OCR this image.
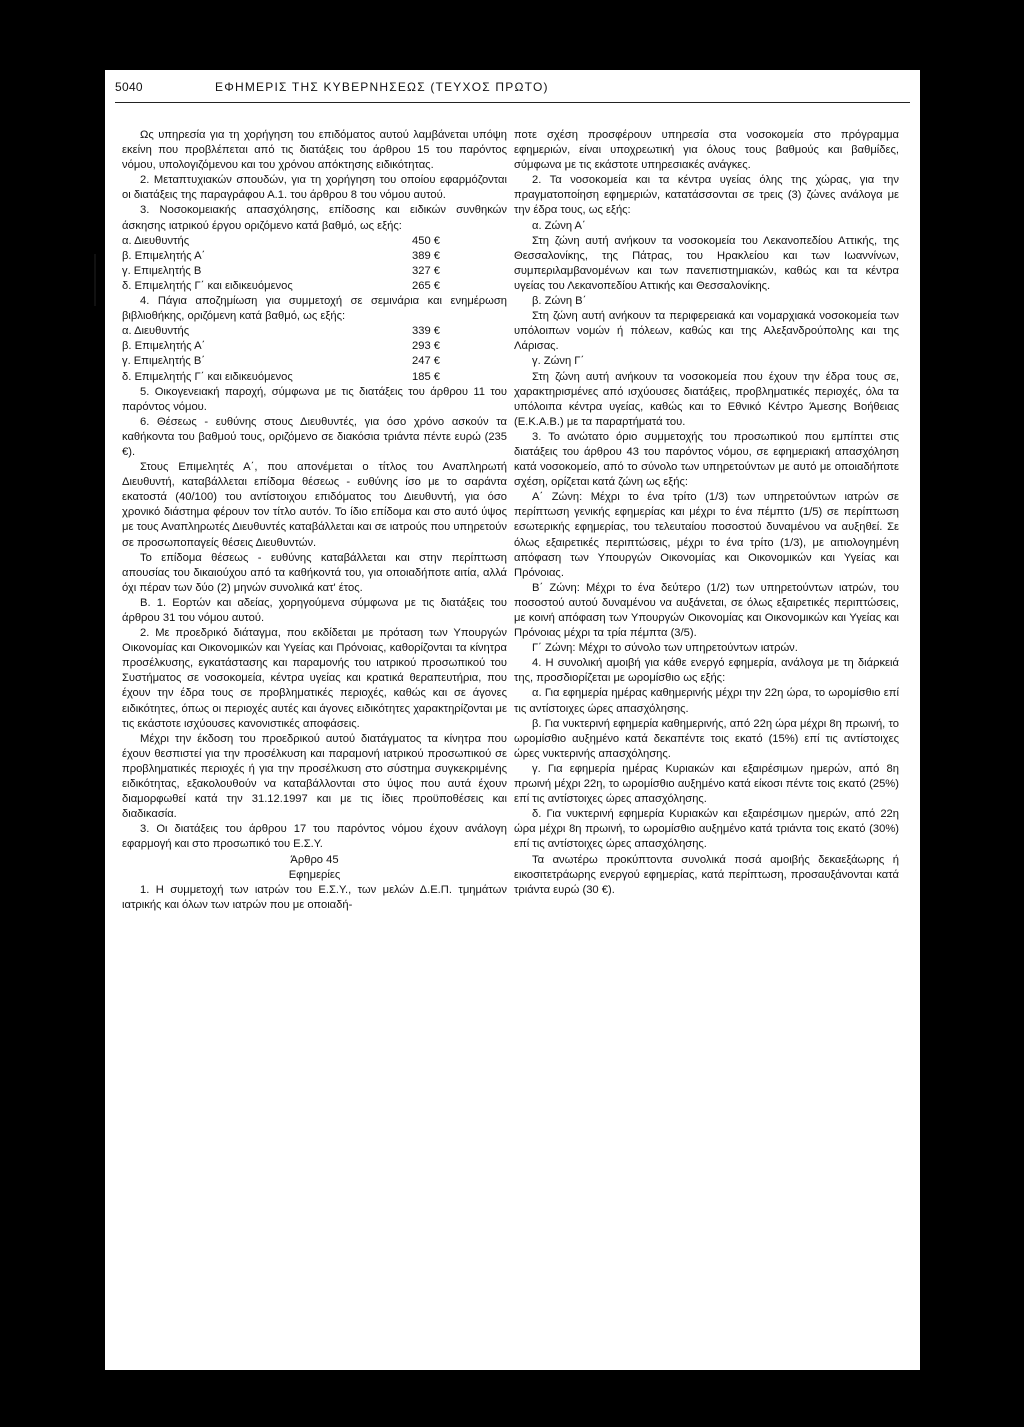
5040	ΕΦΗΜΕΡΙΣ ΤΗΣ ΚΥΒΕΡΝΗΣΕΩΣ (ΤΕΥΧΟΣ ΠΡΩΤΟ)

Ως υπηρεσία για τη χορήγηση του επιδόματος αυτού λαμβάνεται υπόψη εκείνη που προβλέπεται από τις διατάξεις του άρθρου 15 του παρόντος νόμου, υπολογιζόμενου και του χρόνου απόκτησης ειδικότητας.

2. Μεταπτυχιακών σπουδών, για τη χορήγηση του οποίου εφαρμόζονται οι διατάξεις της παραγράφου Α.1. του άρθρου 8 του νόμου αυτού.

3. Νοσοκομειακής απασχόλησης, επίδοσης και ειδικών συνθηκών άσκησης ιατρικού έργου οριζόμενο κατά βαθμό, ως εξής:

α. Διευθυντής	450 €
β. Επιμελητής Α΄	389 €
γ. Επιμελητής Β	327 €
δ. Επιμελητής Γ΄ και ειδικευόμενος	265 €

4. Πάγια αποζημίωση για συμμετοχή σε σεμινάρια και ενημέρωση βιβλιοθήκης, οριζόμενη κατά βαθμό, ως εξής:

α. Διευθυντής	339 €
β. Επιμελητής Α΄	293 €
γ. Επιμελητής Β΄	247 €
δ. Επιμελητής Γ΄ και ειδικευόμενος	185 €

5. Οικογενειακή παροχή, σύμφωνα με τις διατάξεις του άρθρου 11 του παρόντος νόμου.

6. Θέσεως - ευθύνης στους Διευθυντές, για όσο χρόνο ασκούν τα καθήκοντα του βαθμού τους, οριζόμενο σε διακόσια τριάντα πέντε ευρώ (235 €).

Στους Επιμελητές Α΄, που απονέμεται ο τίτλος του Αναπληρωτή Διευθυντή, καταβάλλεται επίδομα θέσεως - ευθύνης ίσο με το σαράντα εκατοστά (40/100) του αντίστοιχου επιδόματος του Διευθυντή, για όσο χρονικό διάστημα φέρουν τον τίτλο αυτόν. Το ίδιο επίδομα και στο αυτό ύψος με τους Αναπληρωτές Διευθυντές καταβάλλεται και σε ιατρούς που υπηρετούν σε προσωποπαγείς θέσεις Διευθυντών.

Το επίδομα θέσεως - ευθύνης καταβάλλεται και στην περίπτωση απουσίας του δικαιούχου από τα καθήκοντά του, για οποιαδήποτε αιτία, αλλά όχι πέραν των δύο (2) μηνών συνολικά κατ' έτος.

Β. 1. Εορτών και αδείας, χορηγούμενα σύμφωνα με τις διατάξεις του άρθρου 31 του νόμου αυτού.

2. Με προεδρικό διάταγμα, που εκδίδεται με πρόταση των Υπουργών Οικονομίας και Οικονομικών και Υγείας και Πρόνοιας, καθορίζονται τα κίνητρα προσέλκυσης, εγκατάστασης και παραμονής του ιατρικού προσωπικού του Συστήματος σε νοσοκομεία, κέντρα υγείας και κρατικά θεραπευτήρια, που έχουν την έδρα τους σε προβληματικές περιοχές, καθώς και σε άγονες ειδικότητες, όπως οι περιοχές αυτές και άγονες ειδικότητες χαρακτηρίζονται με τις εκάστοτε ισχύουσες κανονιστικές αποφάσεις.

Μέχρι την έκδοση του προεδρικού αυτού διατάγματος τα κίνητρα που έχουν θεσπιστεί για την προσέλκυση και παραμονή ιατρικού προσωπικού σε προβληματικές περιοχές ή για την προσέλκυση στο σύστημα συγκεκριμένης ειδικότητας, εξακολουθούν να καταβάλλονται στο ύψος που αυτά έχουν διαμορφωθεί κατά την 31.12.1997 και με τις ίδιες προϋποθέσεις και διαδικασία.

3. Οι διατάξεις του άρθρου 17 του παρόντος νόμου έχουν ανάλογη εφαρμογή και στο προσωπικό του Ε.Σ.Υ.

Άρθρο 45

Εφημερίες

1. Η συμμετοχή των ιατρών του Ε.Σ.Υ., των μελών Δ.Ε.Π. τμημάτων ιατρικής και όλων των ιατρών που με οποιαδή-

ποτε σχέση προσφέρουν υπηρεσία στα νοσοκομεία στο πρόγραμμα εφημεριών, είναι υποχρεωτική για όλους τους βαθμούς και βαθμίδες, σύμφωνα με τις εκάστοτε υπηρεσιακές ανάγκες.

2. Τα νοσοκομεία και τα κέντρα υγείας όλης της χώρας, για την πραγματοποίηση εφημεριών, κατατάσσονται σε τρεις (3) ζώνες ανάλογα με την έδρα τους, ως εξής:

α. Ζώνη Α΄

Στη ζώνη αυτή ανήκουν τα νοσοκομεία του Λεκανοπεδίου Αττικής, της Θεσσαλονίκης, της Πάτρας, του Ηρακλείου και των Ιωαννίνων, συμπεριλαμβανομένων και των πανεπιστημιακών, καθώς και τα κέντρα υγείας του Λεκανοπεδίου Αττικής και Θεσσαλονίκης.

β. Ζώνη Β΄

Στη ζώνη αυτή ανήκουν τα περιφερειακά και νομαρχιακά νοσοκομεία των υπόλοιπων νομών ή πόλεων, καθώς και της Αλεξανδρούπολης και της Λάρισας.

γ. Ζώνη Γ΄

Στη ζώνη αυτή ανήκουν τα νοσοκομεία που έχουν την έδρα τους σε, χαρακτηρισμένες από ισχύουσες διατάξεις, προβληματικές περιοχές, όλα τα υπόλοιπα κέντρα υγείας, καθώς και το Εθνικό Κέντρο Άμεσης Βοήθειας (Ε.Κ.Α.Β.) με τα παραρτήματά του.

3. Το ανώτατο όριο συμμετοχής του προσωπικού που εμπίπτει στις διατάξεις του άρθρου 43 του παρόντος νόμου, σε εφημεριακή απασχόληση κατά νοσοκομείο, από το σύνολο των υπηρετούντων με αυτό με οποιαδήποτε σχέση, ορίζεται κατά ζώνη ως εξής:

Α΄ Ζώνη: Μέχρι το ένα τρίτο (1/3) των υπηρετούντων ιατρών σε περίπτωση γενικής εφημερίας και μέχρι το ένα πέμπτο (1/5) σε περίπτωση εσωτερικής εφημερίας, του τελευταίου ποσοστού δυναμένου να αυξηθεί. Σε όλως εξαιρετικές περιπτώσεις, μέχρι το ένα τρίτο (1/3), με αιτιολογημένη απόφαση των Υπουργών Οικονομίας και Οικονομικών και Υγείας και Πρόνοιας.

Β΄ Ζώνη: Μέχρι το ένα δεύτερο (1/2) των υπηρετούντων ιατρών, του ποσοστού αυτού δυναμένου να αυξάνεται, σε όλως εξαιρετικές περιπτώσεις, με κοινή απόφαση των Υπουργών Οικονομίας και Οικονομικών και Υγείας και Πρόνοιας μέχρι τα τρία πέμπτα (3/5).

Γ΄ Ζώνη: Μέχρι το σύνολο των υπηρετούντων ιατρών.

4. Η συνολική αμοιβή για κάθε ενεργό εφημερία, ανάλογα με τη διάρκειά της, προσδιορίζεται με ωρομίσθιο ως εξής:

α. Για εφημερία ημέρας καθημερινής μέχρι την 22η ώρα, το ωρομίσθιο επί τις αντίστοιχες ώρες απασχόλησης.

β. Για νυκτερινή εφημερία καθημερινής, από 22η ώρα μέχρι 8η πρωινή, το ωρομίσθιο αυξημένο κατά δεκαπέντε τοις εκατό (15%) επί τις αντίστοιχες ώρες νυκτερινής απασχόλησης.

γ. Για εφημερία ημέρας Κυριακών και εξαιρέσιμων ημερών, από 8η πρωινή μέχρι 22η, το ωρομίσθιο αυξημένο κατά είκοσι πέντε τοις εκατό (25%) επί τις αντίστοιχες ώρες απασχόλησης.

δ. Για νυκτερινή εφημερία Κυριακών και εξαιρέσιμων ημερών, από 22η ώρα μέχρι 8η πρωινή, το ωρομίσθιο αυξημένο κατά τριάντα τοις εκατό (30%) επί τις αντίστοιχες ώρες απασχόλησης.

Τα ανωτέρω προκύπτοντα συνολικά ποσά αμοιβής δεκαεξάωρης ή εικοσιτετράωρης ενεργού εφημερίας, κατά περίπτωση, προσαυξάνονται κατά τριάντα ευρώ (30 €).
